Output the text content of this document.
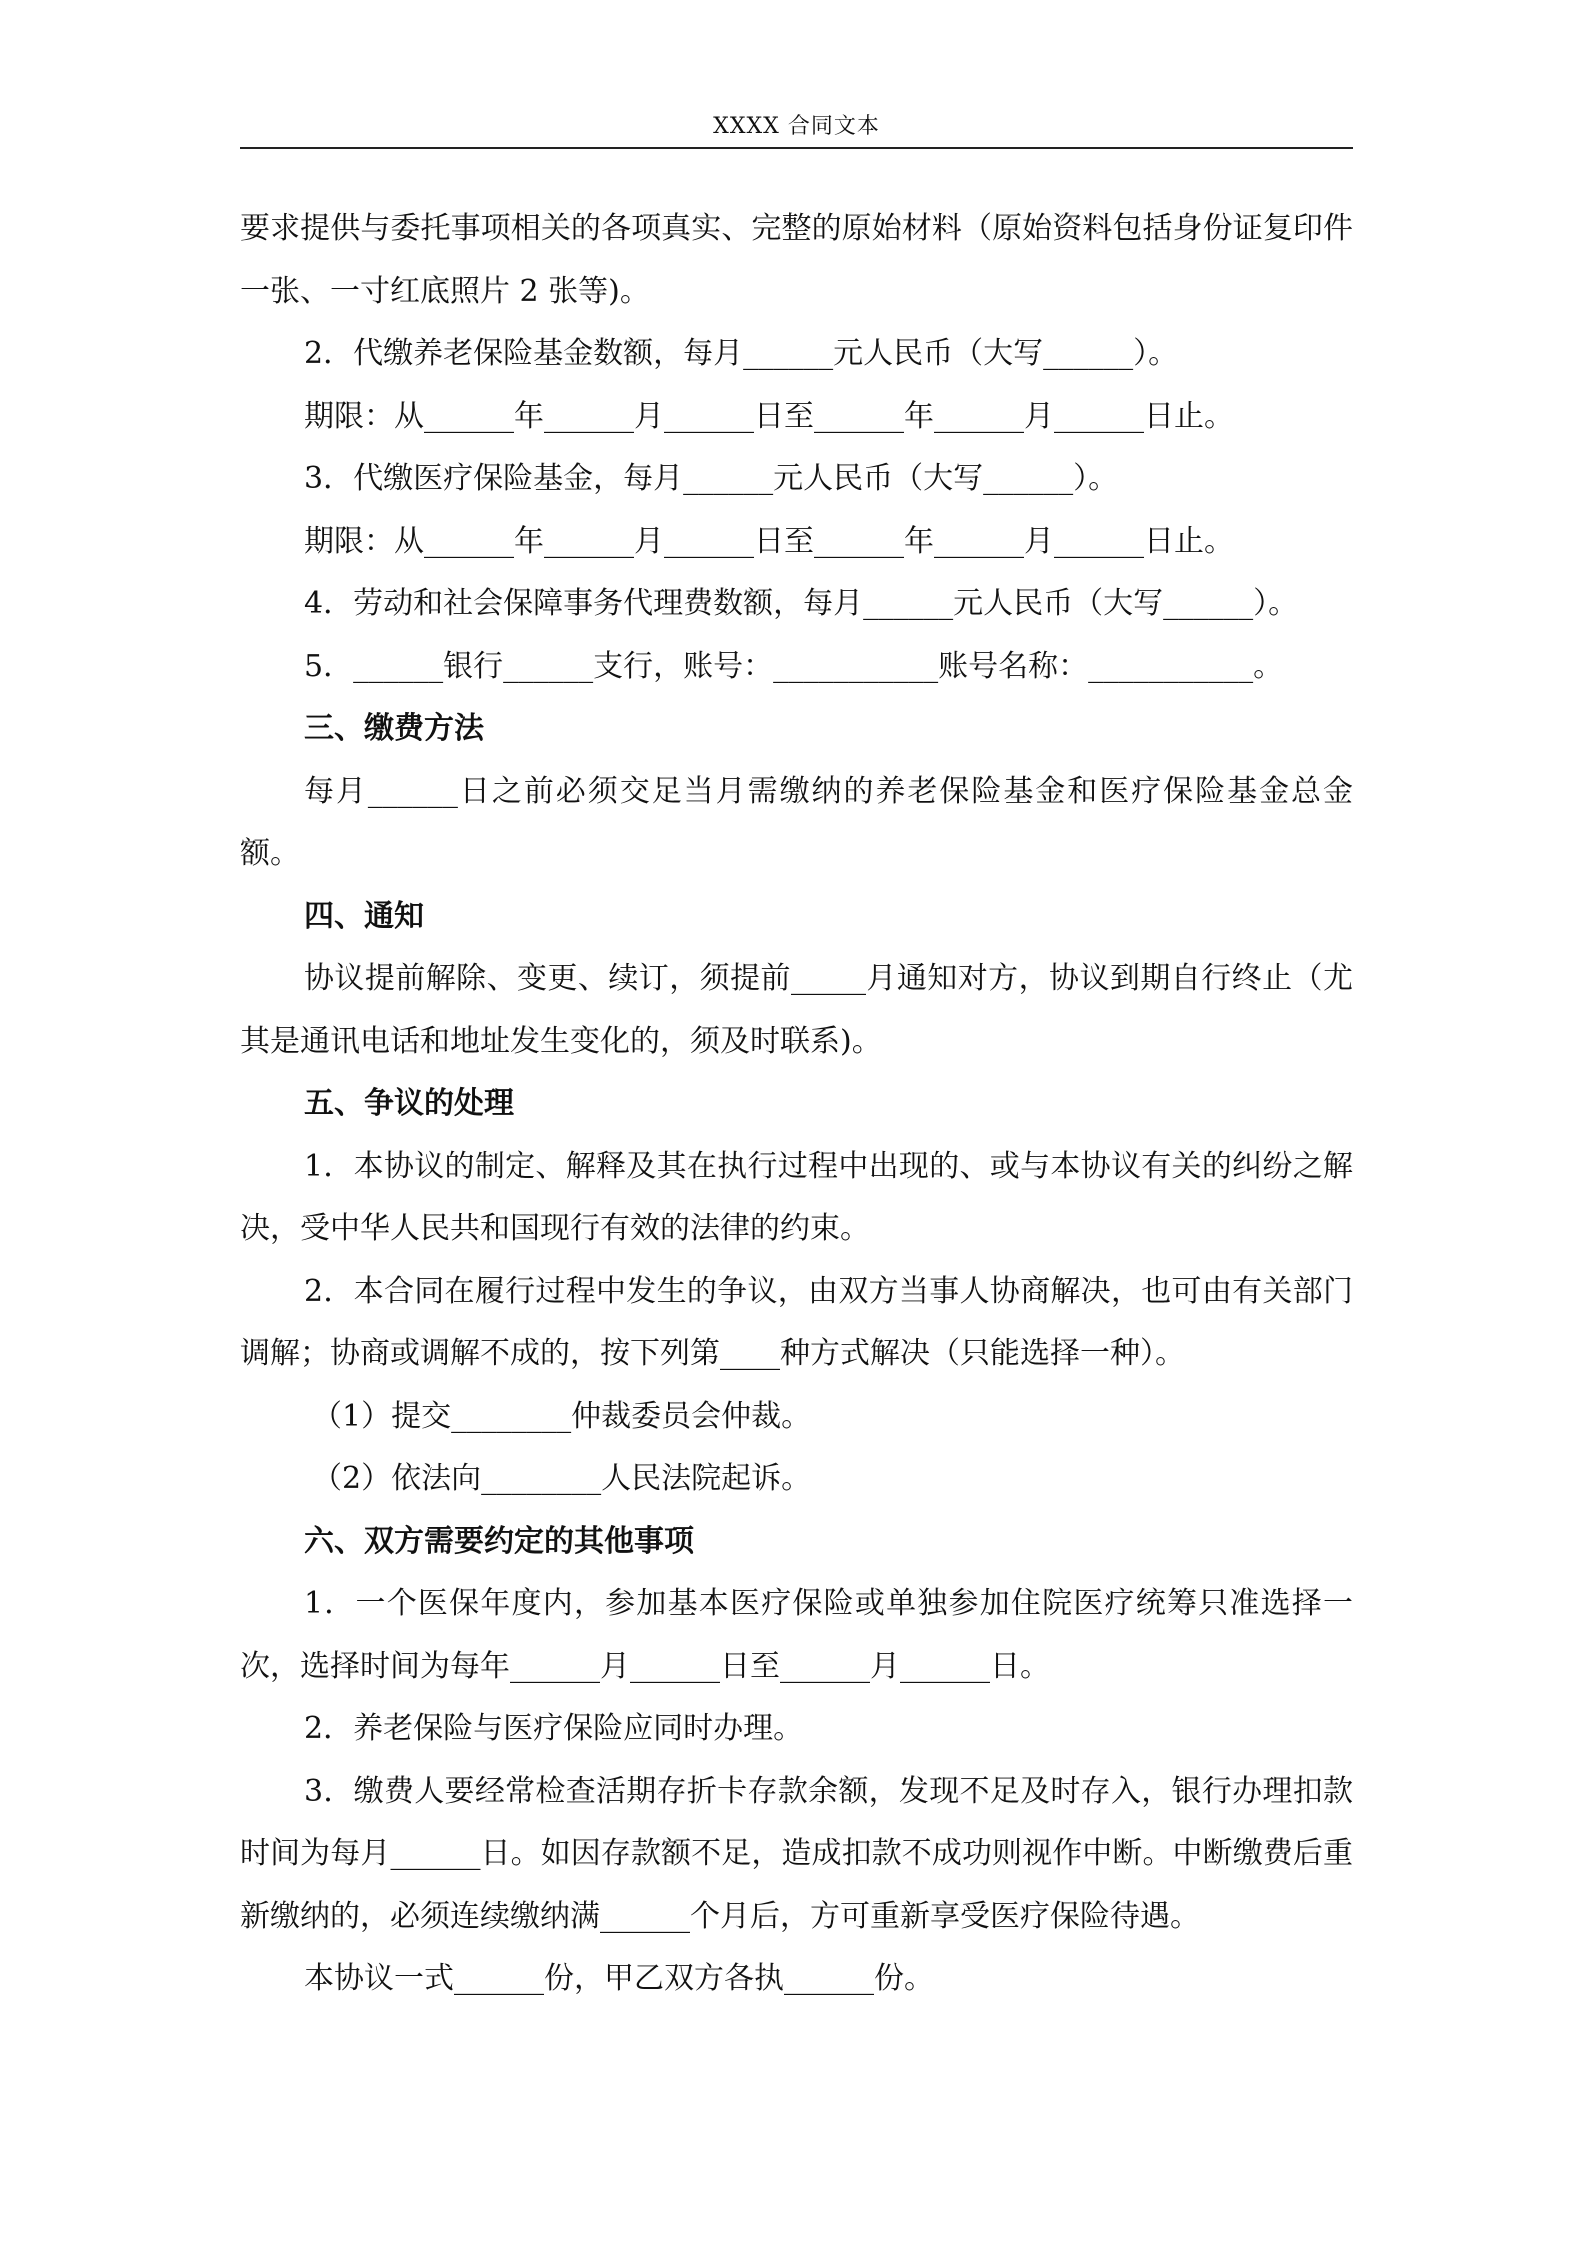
XXXX 合同文本

要求提供与委托事项相关的各项真实、完整的原始材料（原始资料包括身份证复印件一张、一寸红底照片 2 张等)。

2．代缴养老保险基金数额，每月______元人民币（大写______）。

期限：从______年______月______日至______年______月______日止。

3．代缴医疗保险基金，每月______元人民币（大写______）。

期限：从______年______月______日至______年______月______日止。

4．劳动和社会保障事务代理费数额，每月______元人民币（大写______）。

5．______银行______支行，账号：___________账号名称：___________。

三、缴费方法

每月______日之前必须交足当月需缴纳的养老保险基金和医疗保险基金总金额。

四、通知

协议提前解除、变更、续订，须提前_____月通知对方，协议到期自行终止（尤其是通讯电话和地址发生变化的，须及时联系)。

五、争议的处理

1．本协议的制定、解释及其在执行过程中出现的、或与本协议有关的纠纷之解决，受中华人民共和国现行有效的法律的约束。

2．本合同在履行过程中发生的争议，由双方当事人协商解决，也可由有关部门调解；协商或调解不成的，按下列第____种方式解决（只能选择一种）。

（1）提交________仲裁委员会仲裁。

（2）依法向________人民法院起诉。

六、双方需要约定的其他事项

1．一个医保年度内，参加基本医疗保险或单独参加住院医疗统筹只准选择一次，选择时间为每年______月______日至______月______日。

2．养老保险与医疗保险应同时办理。

3．缴费人要经常检查活期存折卡存款余额，发现不足及时存入，银行办理扣款时间为每月______日。如因存款额不足，造成扣款不成功则视作中断。中断缴费后重新缴纳的，必须连续缴纳满______个月后，方可重新享受医疗保险待遇。

本协议一式______份，甲乙双方各执______份。
